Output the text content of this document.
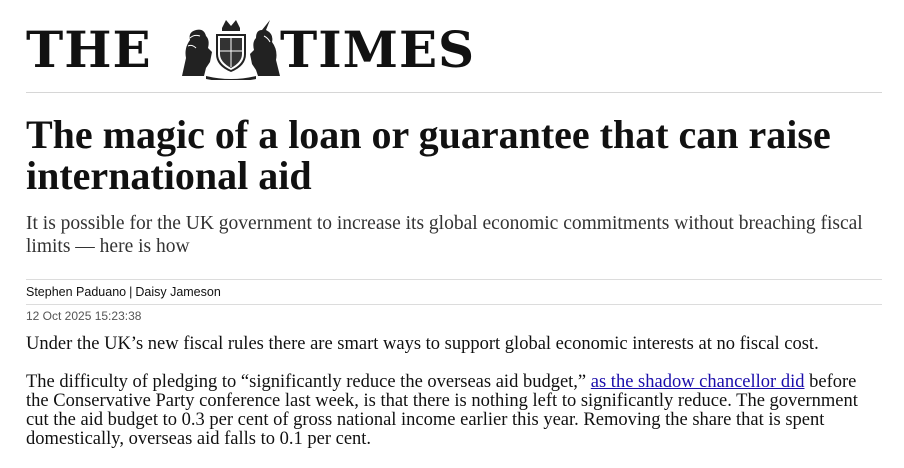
THE	TIMES
The magic of a loan or guarantee that can raise international aid

It is possible for the UK government to increase its global economic commitments without breaching fiscal limits — here is how

Stephen Paduano | Daisy Jameson
12 Oct 2025 15:23:38

Under the UK’s new fiscal rules there are smart ways to support global economic interests at no fiscal cost.

The difficulty of pledging to “significantly reduce the overseas aid budget,” as the shadow chancellor did before the Conservative Party conference last week, is that there is nothing left to significantly reduce. The government cut the aid budget to 0.3 per cent of gross national income earlier this year. Removing the share that is spent domestically, overseas aid falls to 0.1 per cent.
